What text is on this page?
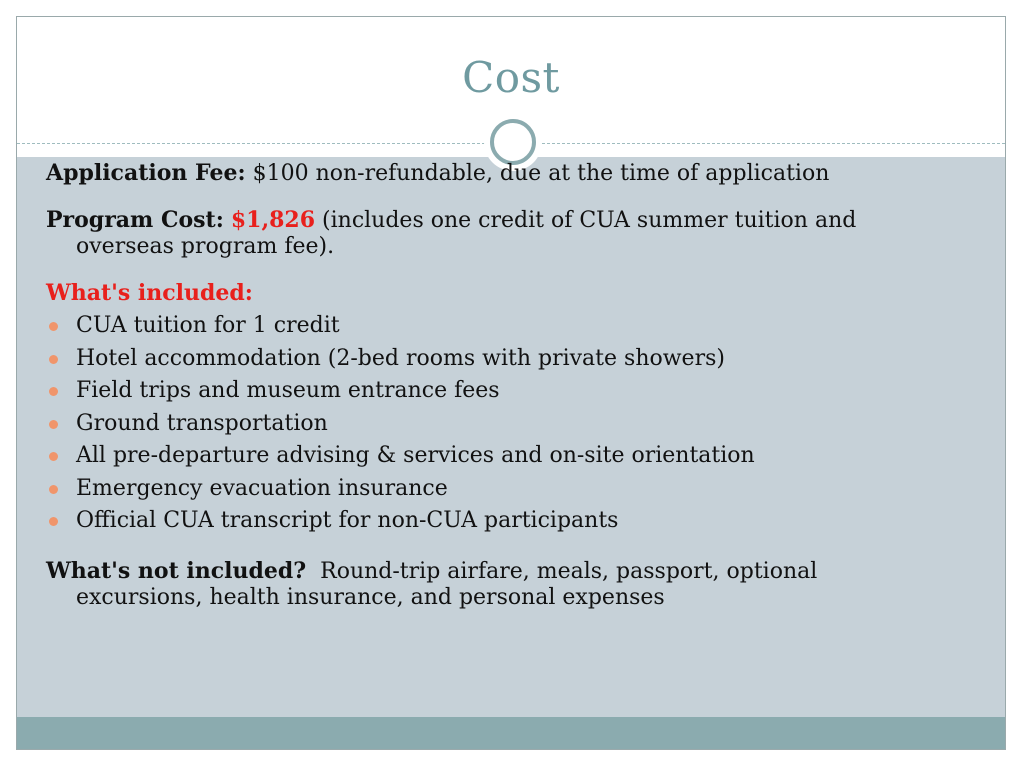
Cost

Application Fee: $100 non-refundable, due at the time of application

Program Cost: $1,826 (includes one credit of CUA summer tuition and overseas program fee).

What's included:

CUA tuition for 1 credit
Hotel accommodation (2-bed rooms with private showers)
Field trips and museum entrance fees
Ground transportation
All pre-departure advising & services and on-site orientation
Emergency evacuation insurance
Official CUA transcript for non-CUA participants

What's not included?  Round-trip airfare, meals, passport, optional excursions, health insurance, and personal expenses
